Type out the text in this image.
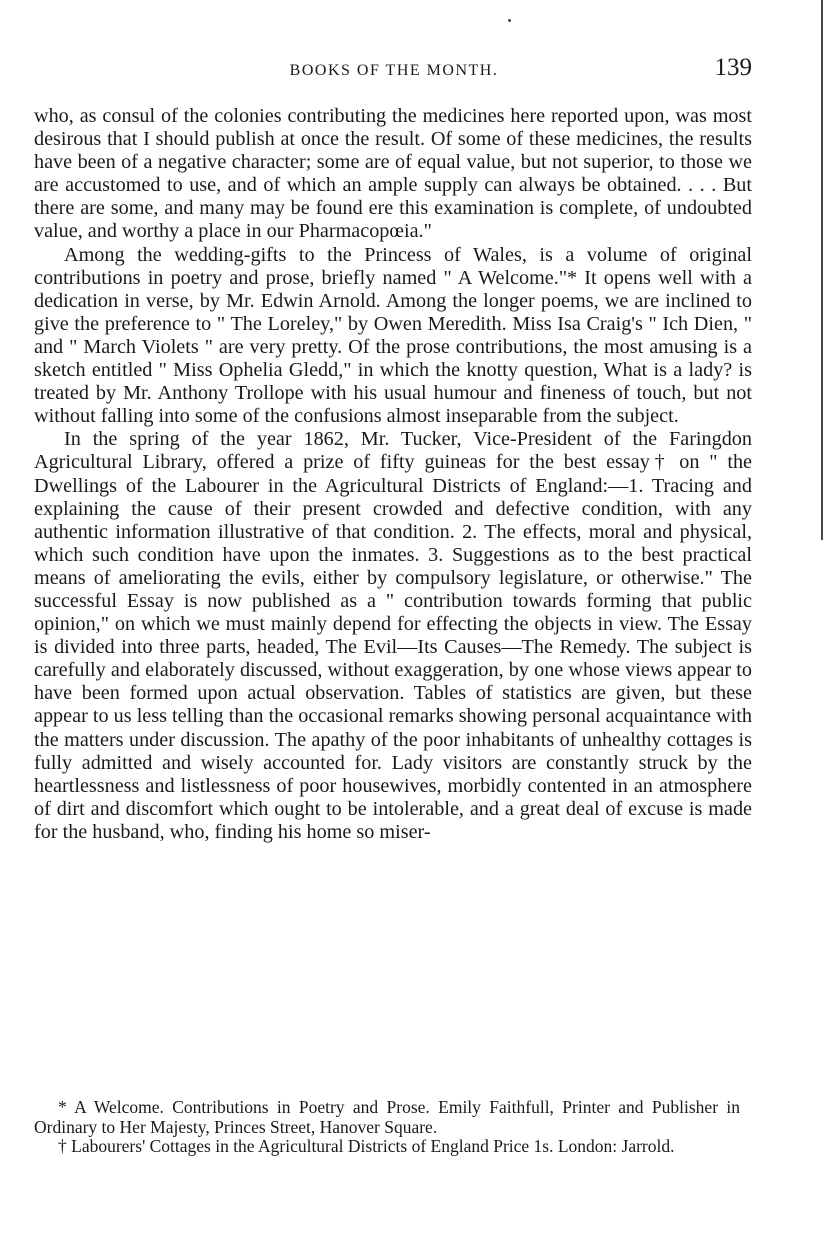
BOOKS OF THE MONTH.	139

who, as consul of the colonies contributing the medicines here reported upon, was most desirous that I should publish at once the result. Of some of these medicines, the results have been of a negative character; some are of equal value, but not superior, to those we are accustomed to use, and of which an ample supply can always be obtained. . . . But there are some, and many may be found ere this examination is complete, of undoubted value, and worthy a place in our Pharmacopœia."

Among the wedding-gifts to the Princess of Wales, is a volume of original contributions in poetry and prose, briefly named " A Welcome."* It opens well with a dedication in verse, by Mr. Edwin Arnold. Among the longer poems, we are inclined to give the preference to " The Loreley," by Owen Meredith. Miss Isa Craig's " Ich Dien, " and " March Violets " are very pretty. Of the prose contributions, the most amusing is a sketch entitled " Miss Ophelia Gledd," in which the knotty question, What is a lady? is treated by Mr. Anthony Trollope with his usual humour and fineness of touch, but not without falling into some of the confusions almost inseparable from the subject.

In the spring of the year 1862, Mr. Tucker, Vice-President of the Faringdon Agricultural Library, offered a prize of fifty guineas for the best essay† on " the Dwellings of the Labourer in the Agricultural Districts of England:—1. Tracing and explaining the cause of their present crowded and defective condition, with any authentic information illustrative of that condition. 2. The effects, moral and physical, which such condition have upon the inmates. 3. Suggestions as to the best practical means of ameliorating the evils, either by compulsory legislature, or otherwise." The successful Essay is now published as a " contribution towards forming that public opinion," on which we must mainly depend for effecting the objects in view. The Essay is divided into three parts, headed, The Evil—Its Causes—The Remedy. The subject is carefully and elaborately discussed, without exaggeration, by one whose views appear to have been formed upon actual observation. Tables of statistics are given, but these appear to us less telling than the occasional remarks showing personal acquaintance with the matters under discussion. The apathy of the poor inhabitants of unhealthy cottages is fully admitted and wisely accounted for. Lady visitors are constantly struck by the heartlessness and listlessness of poor housewives, morbidly contented in an atmosphere of dirt and discomfort which ought to be intolerable, and a great deal of excuse is made for the husband, who, finding his home so miser-

* A Welcome. Contributions in Poetry and Prose. Emily Faithfull, Printer and Publisher in Ordinary to Her Majesty, Princes Street, Hanover Square.

† Labourers' Cottages in the Agricultural Districts of England Price 1s. London: Jarrold.
